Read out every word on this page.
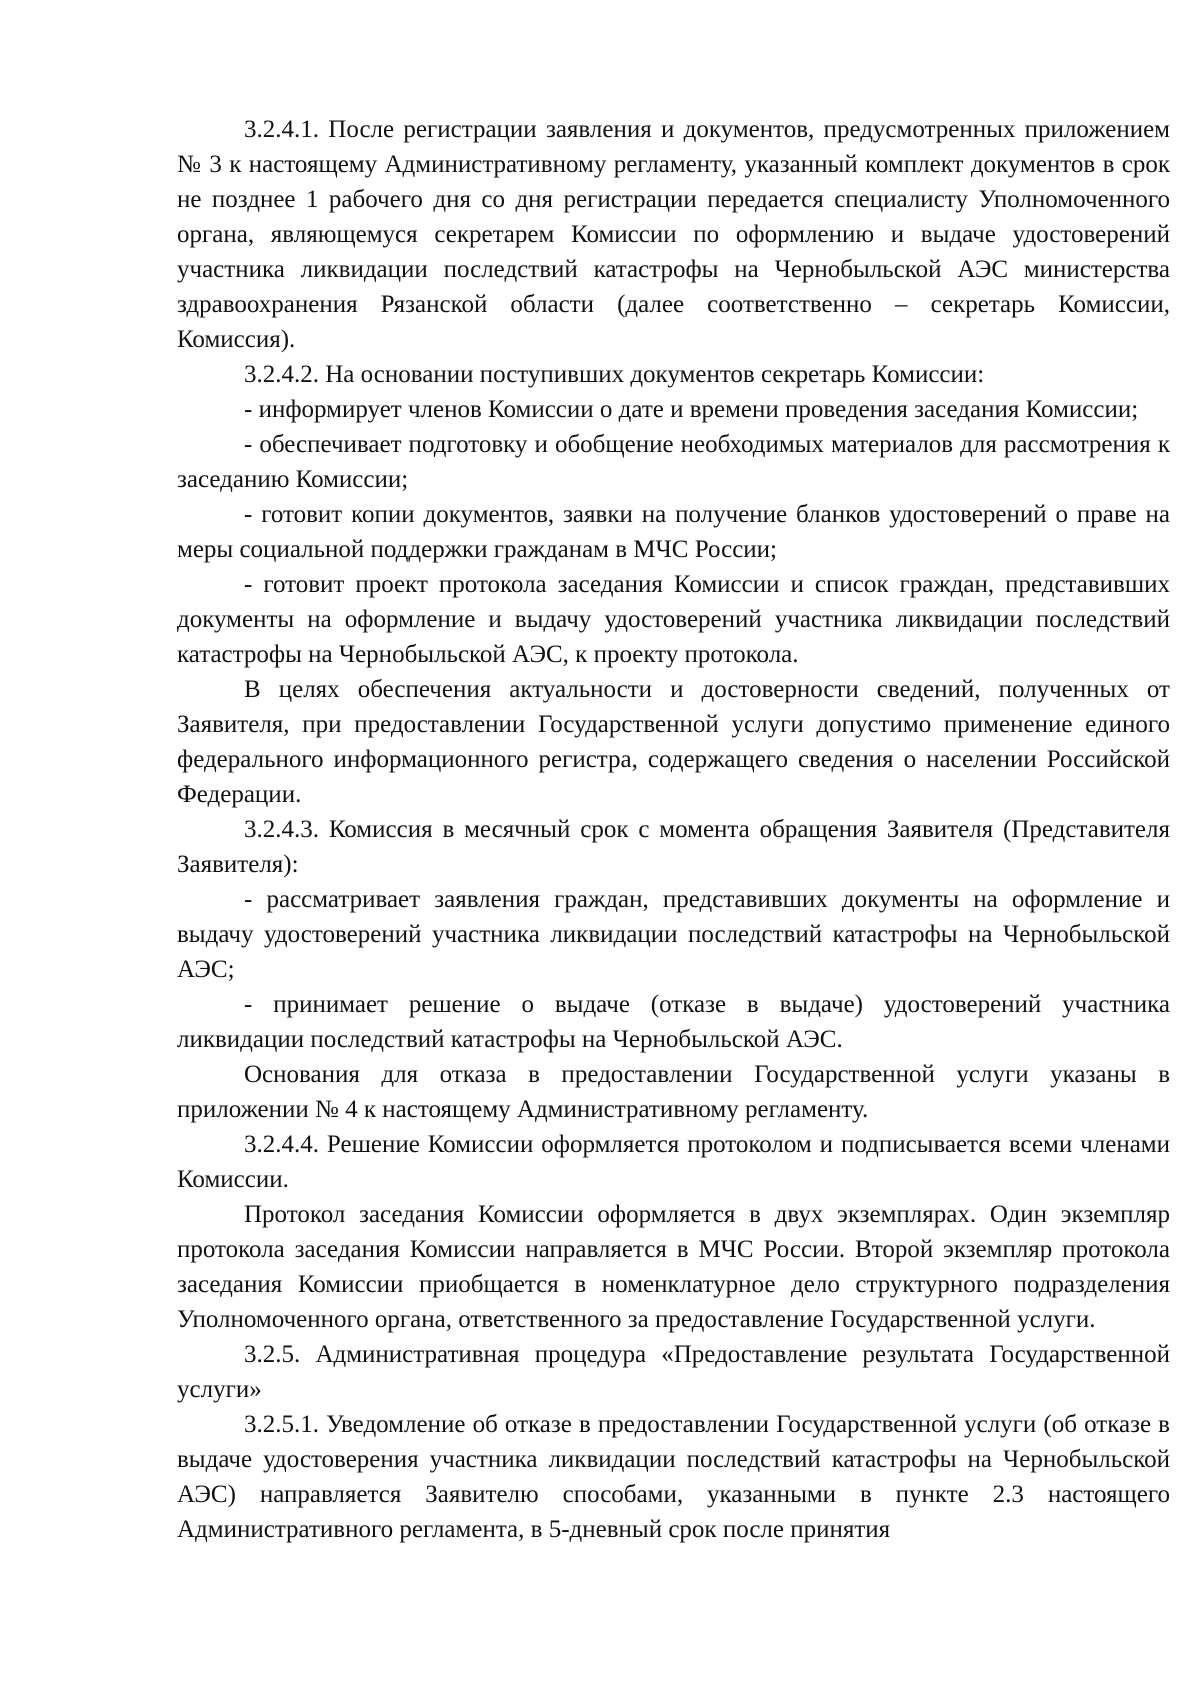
3.2.4.1. После регистрации заявления и документов, предусмотренных приложением № 3 к настоящему Административному регламенту, указанный комплект документов в срок не позднее 1 рабочего дня со дня регистрации передается специалисту Уполномоченного органа, являющемуся секретарем Комиссии по оформлению и выдаче удостоверений участника ликвидации последствий катастрофы на Чернобыльской АЭС министерства здравоохранения Рязанской области (далее соответственно – секретарь Комиссии, Комиссия).

3.2.4.2. На основании поступивших документов секретарь Комиссии:

- информирует членов Комиссии о дате и времени проведения заседания Комиссии;

- обеспечивает подготовку и обобщение необходимых материалов для рассмотрения к заседанию Комиссии;

- готовит копии документов, заявки на получение бланков удостоверений о праве на меры социальной поддержки гражданам в МЧС России;

- готовит проект протокола заседания Комиссии и список граждан, представивших документы на оформление и выдачу удостоверений участника ликвидации последствий катастрофы на Чернобыльской АЭС, к проекту протокола.

В целях обеспечения актуальности и достоверности сведений, полученных от Заявителя, при предоставлении Государственной услуги допустимо применение единого федерального информационного регистра, содержащего сведения о населении Российской Федерации.

3.2.4.3. Комиссия в месячный срок с момента обращения Заявителя (Представителя Заявителя):

- рассматривает заявления граждан, представивших документы на оформление и выдачу удостоверений участника ликвидации последствий катастрофы на Чернобыльской АЭС;

- принимает решение о выдаче (отказе в выдаче) удостоверений участника ликвидации последствий катастрофы на Чернобыльской АЭС.

Основания для отказа в предоставлении Государственной услуги указаны в приложении № 4 к настоящему Административному регламенту.

3.2.4.4. Решение Комиссии оформляется протоколом и подписывается всеми членами Комиссии.

Протокол заседания Комиссии оформляется в двух экземплярах. Один экземпляр протокола заседания Комиссии направляется в МЧС России. Второй экземпляр протокола заседания Комиссии приобщается в номенклатурное дело структурного подразделения Уполномоченного органа, ответственного за предоставление Государственной услуги.

3.2.5. Административная процедура «Предоставление результата Государственной услуги»

3.2.5.1. Уведомление об отказе в предоставлении Государственной услуги (об отказе в выдаче удостоверения участника ликвидации последствий катастрофы на Чернобыльской АЭС) направляется Заявителю способами, указанными в пункте 2.3 настоящего Административного регламента, в 5-дневный срок после принятия
